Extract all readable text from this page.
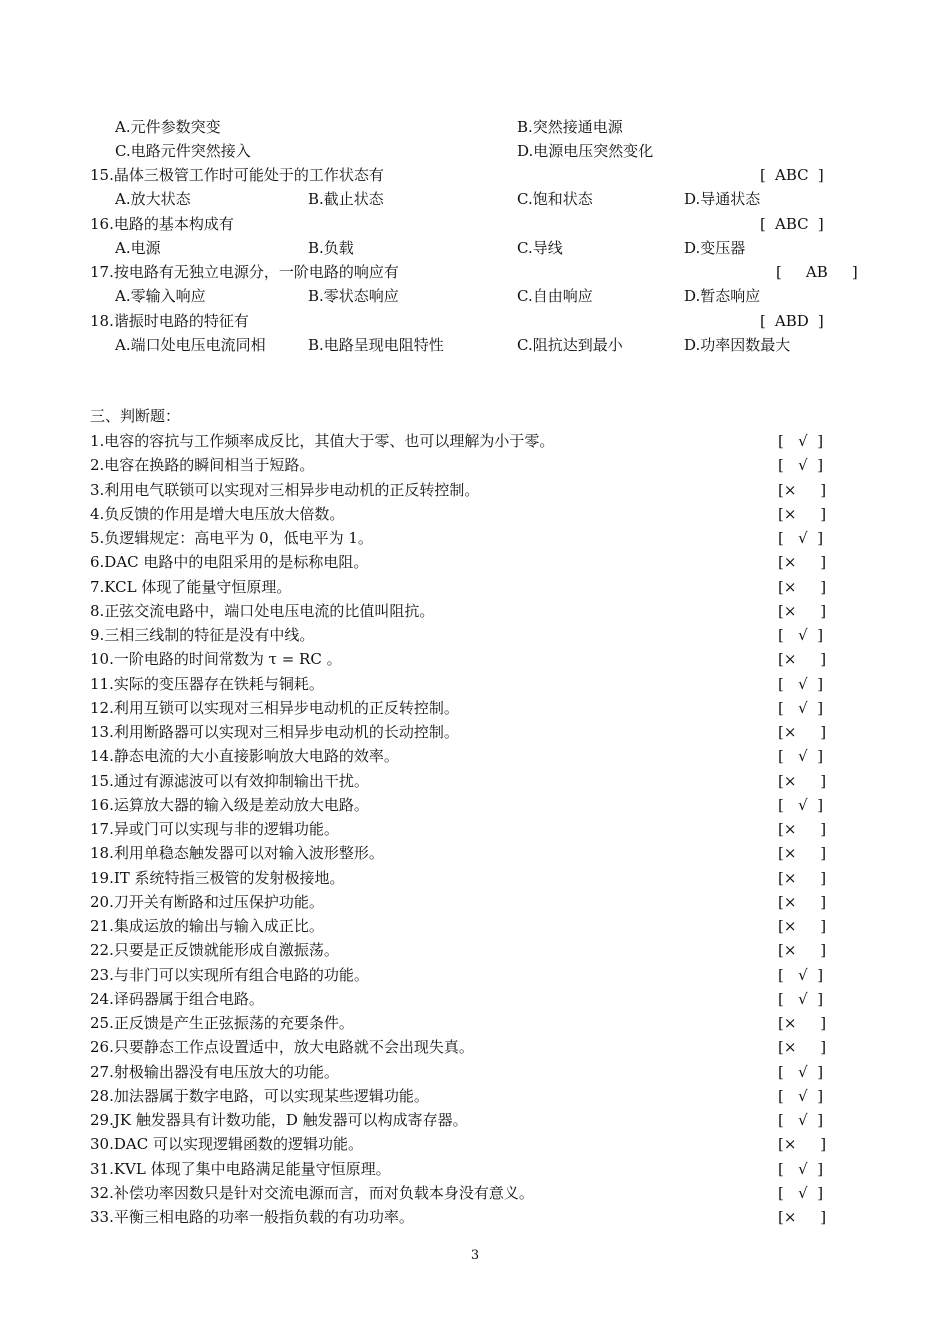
A.元件参数突变	B.突然接通电源
C.电路元件突然接入	D.电源电压突然变化
15.晶体三极管工作时可能处于的工作状态有	[ ABC ]
A.放大状态	B.截止状态	C.饱和状态	D.导通状态
16.电路的基本构成有	[ ABC ]
A.电源	B.负载	C.导线	D.变压器
17.按电路有无独立电源分，一阶电路的响应有	[ AB ]
A.零输入响应	B.零状态响应	C.自由响应	D.暂态响应
18.谐振时电路的特征有	[ ABD ]
A.端口处电压电流同相	B.电路呈现电阻特性	C.阻抗达到最小	D.功率因数最大
三、判断题：
1.电容的容抗与工作频率成反比，其值大于零、也可以理解为小于零。	[   √  ]
2.电容在换路的瞬间相当于短路。	[   √  ]
3.利用电气联锁可以实现对三相异步电动机的正反转控制。	[×     ]
4.负反馈的作用是增大电压放大倍数。	[×     ]
5.负逻辑规定：高电平为 0，低电平为 1。	[   √  ]
6.DAC 电路中的电阻采用的是标称电阻。	[×     ]
7.KCL 体现了能量守恒原理。	[×     ]
8.正弦交流电路中，端口处电压电流的比值叫阻抗。	[×     ]
9.三相三线制的特征是没有中线。	[   √  ]
10.一阶电路的时间常数为 τ = RC 。	[×     ]
11.实际的变压器存在铁耗与铜耗。	[   √  ]
12.利用互锁可以实现对三相异步电动机的正反转控制。	[   √  ]
13.利用断路器可以实现对三相异步电动机的长动控制。	[×     ]
14.静态电流的大小直接影响放大电路的效率。	[   √  ]
15.通过有源滤波可以有效抑制输出干扰。	[×     ]
16.运算放大器的输入级是差动放大电路。	[   √  ]
17.异或门可以实现与非的逻辑功能。	[×     ]
18.利用单稳态触发器可以对输入波形整形。	[×     ]
19.IT 系统特指三极管的发射极接地。	[×     ]
20.刀开关有断路和过压保护功能。	[×     ]
21.集成运放的输出与输入成正比。	[×     ]
22.只要是正反馈就能形成自激振荡。	[×     ]
23.与非门可以实现所有组合电路的功能。	[   √  ]
24.译码器属于组合电路。	[   √  ]
25.正反馈是产生正弦振荡的充要条件。	[×     ]
26.只要静态工作点设置适中，放大电路就不会出现失真。	[×     ]
27.射极输出器没有电压放大的功能。	[   √  ]
28.加法器属于数字电路，可以实现某些逻辑功能。	[   √  ]
29.JK 触发器具有计数功能，D 触发器可以构成寄存器。	[   √  ]
30.DAC 可以实现逻辑函数的逻辑功能。	[×     ]
31.KVL 体现了集中电路满足能量守恒原理。	[   √  ]
32.补偿功率因数只是针对交流电源而言，而对负载本身没有意义。	[   √  ]
33.平衡三相电路的功率一般指负载的有功功率。	[×     ]
3
